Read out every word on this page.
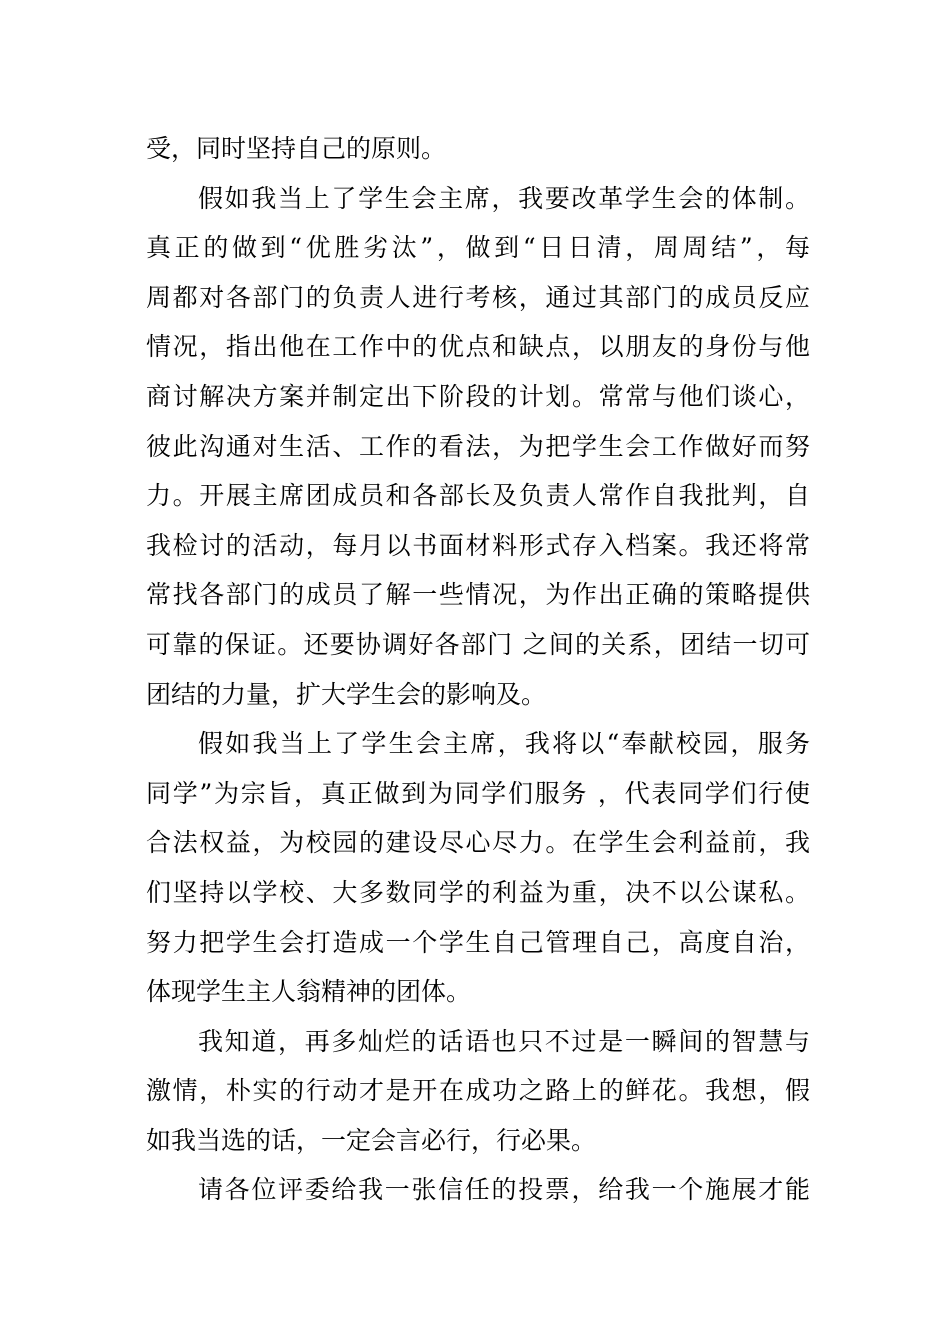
受，同时坚持自己的原则。
假如我当上了学生会主席，我要改革学生会的体制。
真正的做到“优胜劣汰”，做到“日日清，周周结”，每
周都对各部门的负责人进行考核，通过其部门的成员反应
情况，指出他在工作中的优点和缺点，以朋友的身份与他
商讨解决方案并制定出下阶段的计划。常常与他们谈心，
彼此沟通对生活、工作的看法，为把学生会工作做好而努
力。开展主席团成员和各部长及负责人常作自我批判，自
我检讨的活动，每月以书面材料形式存入档案。我还将常
常找各部门的成员了解一些情况，为作出正确的策略提供
可靠的保证。还要协调好各部门 之间的关系，团结一切可
团结的力量，扩大学生会的影响及。
假如我当上了学生会主席，我将以“奉献校园，服务
同学”为宗旨，真正做到为同学们服务 ，代表同学们行使
合法权益，为校园的建设尽心尽力。在学生会利益前，我
们坚持以学校、大多数同学的利益为重，决不以公谋私。
努力把学生会打造成一个学生自己管理自己，高度自治，
体现学生主人翁精神的团体。
我知道，再多灿烂的话语也只不过是一瞬间的智慧与
激情，朴实的行动才是开在成功之路上的鲜花。我想，假
如我当选的话，一定会言必行，行必果。
请各位评委给我一张信任的投票，给我一个施展才能
